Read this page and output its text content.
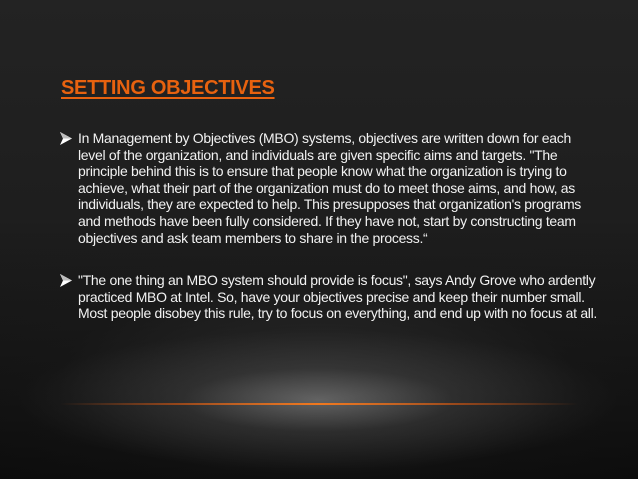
SETTING OBJECTIVES
In Management by Objectives (MBO) systems, objectives are written down for each level of the organization, and individuals are given specific aims and targets. "The principle behind this is to ensure that people know what the organization is trying to achieve, what their part of the organization must do to meet those aims, and how, as individuals, they are expected to help. This presupposes that organization's programs and methods have been fully considered. If they have not, start by constructing team objectives and ask team members to share in the process.“
"The one thing an MBO system should provide is focus", says Andy Grove who ardently practiced MBO at Intel. So, have your objectives precise and keep their number small. Most people disobey this rule, try to focus on everything, and end up with no focus at all.
